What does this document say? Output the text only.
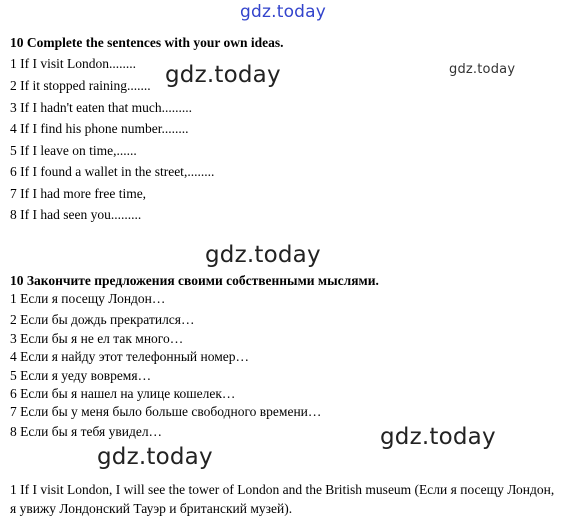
gdz.today
10 Complete the sentences with your own ideas.
1 If I visit London........
2 If it stopped raining.......
3 If I hadn't eaten that much.........
4 If I find his phone number........
5 If I leave on time,......
6 If I found a wallet in the street,........
7 If I had more free time,
8 If I had seen you.........
gdz.today	gdz.today
gdz.today
10 Закончите предложения своими собственными мыслями.
1 Если я посещу Лондон…
2 Если бы дождь прекратился…
3 Если бы я не ел так много…
4 Если я найду этот телефонный номер…
5 Если я уеду вовремя…
6 Если бы я нашел на улице кошелек…
7 Если бы у меня было больше свободного времени…
8 Если бы я тебя увидел…	gdz.today
gdz.today
1 If I visit London, I will see the tower of London and the British museum (Если я посещу Лондон, я увижу Лондонский Тауэр и британский музей).
